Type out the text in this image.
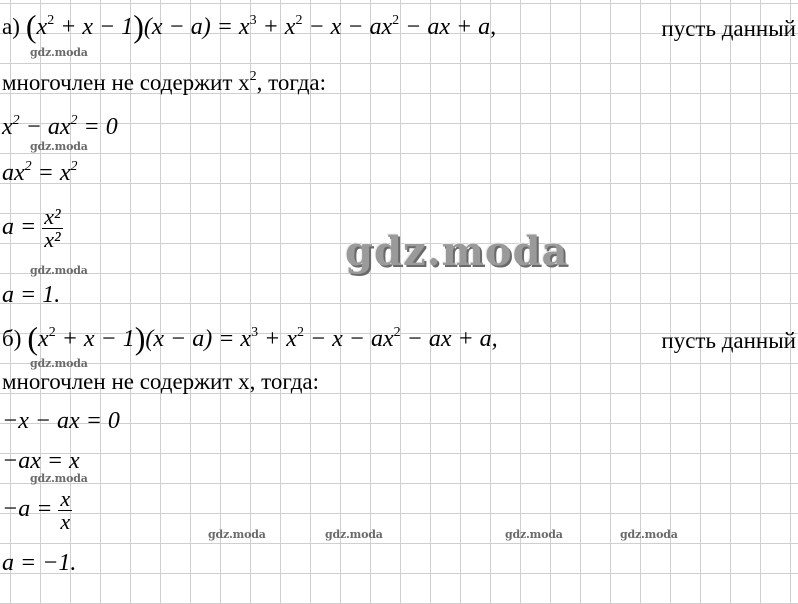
а) $(x^2 + x - 1)(x - a) = x^3 + x^2 - x - ax^2$ − ax + a,	пусть данный
многочлен не содержит $x^2$, тогда:
$x^2 - ax^2 = 0$
$ax^2 = x^2$
$a = \frac{\text{x²}}{\text{x²}}$
a = 1.
б) $(x^2 + x - 1)(x - a) = x^3 + x^2 - x - ax^2$ − ax + a,	пусть данный
многочлен не содержит x, тогда:
−x − ax = 0
−ax = x
$-a = \frac{x}{x}$
a = −1.
gdz.moda
gdz.moda
gdz.moda
gdz.moda
gdz.moda
gdz.moda
gdz.moda	gdz.moda	gdz.moda	gdz.moda
